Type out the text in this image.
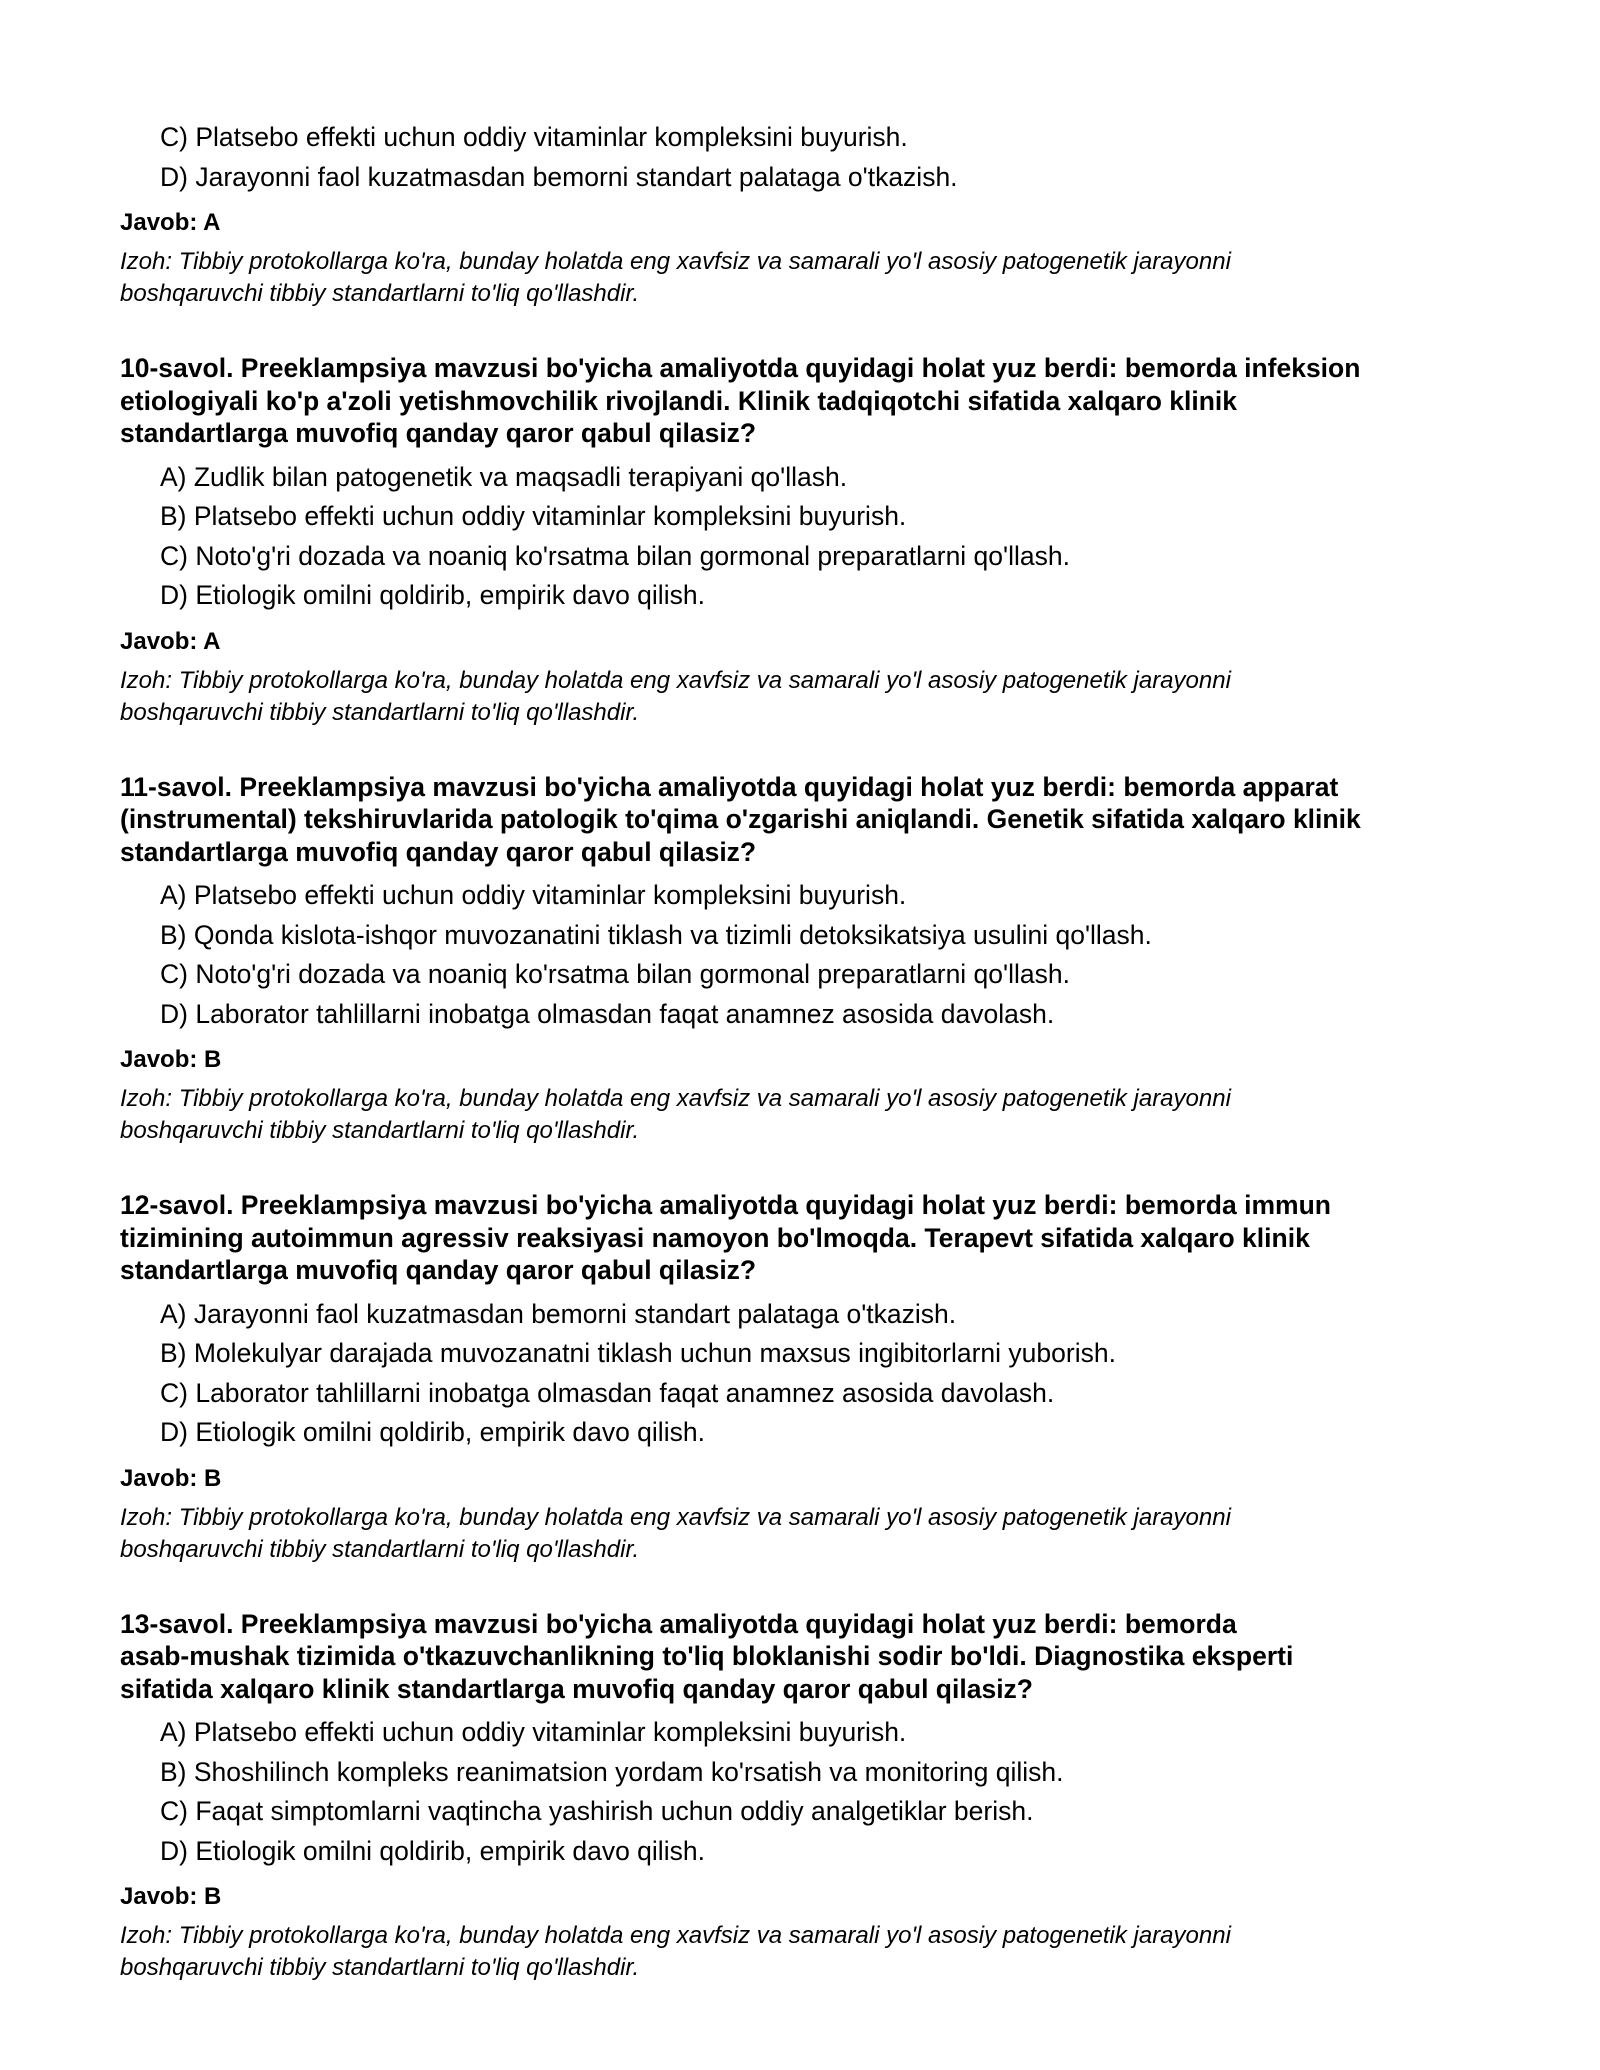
C) Platsebo effekti uchun oddiy vitaminlar kompleksini buyurish.
D) Jarayonni faol kuzatmasdan bemorni standart palataga o'tkazish.
Javob: A
Izoh: Tibbiy protokollarga ko'ra, bunday holatda eng xavfsiz va samarali yo'l asosiy patogenetik jarayonni
boshqaruvchi tibbiy standartlarni to'liq qo'llashdir.
10-savol. Preeklampsiya mavzusi bo'yicha amaliyotda quyidagi holat yuz berdi: bemorda infeksion
etiologiyali ko'p a'zoli yetishmovchilik rivojlandi. Klinik tadqiqotchi sifatida xalqaro klinik
standartlarga muvofiq qanday qaror qabul qilasiz?
A) Zudlik bilan patogenetik va maqsadli terapiyani qo'llash.
B) Platsebo effekti uchun oddiy vitaminlar kompleksini buyurish.
C) Noto'g'ri dozada va noaniq ko'rsatma bilan gormonal preparatlarni qo'llash.
D) Etiologik omilni qoldirib, empirik davo qilish.
Javob: A
Izoh: Tibbiy protokollarga ko'ra, bunday holatda eng xavfsiz va samarali yo'l asosiy patogenetik jarayonni
boshqaruvchi tibbiy standartlarni to'liq qo'llashdir.
11-savol. Preeklampsiya mavzusi bo'yicha amaliyotda quyidagi holat yuz berdi: bemorda apparat
(instrumental) tekshiruvlarida patologik to'qima o'zgarishi aniqlandi. Genetik sifatida xalqaro klinik
standartlarga muvofiq qanday qaror qabul qilasiz?
A) Platsebo effekti uchun oddiy vitaminlar kompleksini buyurish.
B) Qonda kislota-ishqor muvozanatini tiklash va tizimli detoksikatsiya usulini qo'llash.
C) Noto'g'ri dozada va noaniq ko'rsatma bilan gormonal preparatlarni qo'llash.
D) Laborator tahlillarni inobatga olmasdan faqat anamnez asosida davolash.
Javob: B
Izoh: Tibbiy protokollarga ko'ra, bunday holatda eng xavfsiz va samarali yo'l asosiy patogenetik jarayonni
boshqaruvchi tibbiy standartlarni to'liq qo'llashdir.
12-savol. Preeklampsiya mavzusi bo'yicha amaliyotda quyidagi holat yuz berdi: bemorda immun
tizimining autoimmun agressiv reaksiyasi namoyon bo'lmoqda. Terapevt sifatida xalqaro klinik
standartlarga muvofiq qanday qaror qabul qilasiz?
A) Jarayonni faol kuzatmasdan bemorni standart palataga o'tkazish.
B) Molekulyar darajada muvozanatni tiklash uchun maxsus ingibitorlarni yuborish.
C) Laborator tahlillarni inobatga olmasdan faqat anamnez asosida davolash.
D) Etiologik omilni qoldirib, empirik davo qilish.
Javob: B
Izoh: Tibbiy protokollarga ko'ra, bunday holatda eng xavfsiz va samarali yo'l asosiy patogenetik jarayonni
boshqaruvchi tibbiy standartlarni to'liq qo'llashdir.
13-savol. Preeklampsiya mavzusi bo'yicha amaliyotda quyidagi holat yuz berdi: bemorda
asab-mushak tizimida o'tkazuvchanlikning to'liq bloklanishi sodir bo'ldi. Diagnostika eksperti
sifatida xalqaro klinik standartlarga muvofiq qanday qaror qabul qilasiz?
A) Platsebo effekti uchun oddiy vitaminlar kompleksini buyurish.
B) Shoshilinch kompleks reanimatsion yordam ko'rsatish va monitoring qilish.
C) Faqat simptomlarni vaqtincha yashirish uchun oddiy analgetiklar berish.
D) Etiologik omilni qoldirib, empirik davo qilish.
Javob: B
Izoh: Tibbiy protokollarga ko'ra, bunday holatda eng xavfsiz va samarali yo'l asosiy patogenetik jarayonni
boshqaruvchi tibbiy standartlarni to'liq qo'llashdir.
